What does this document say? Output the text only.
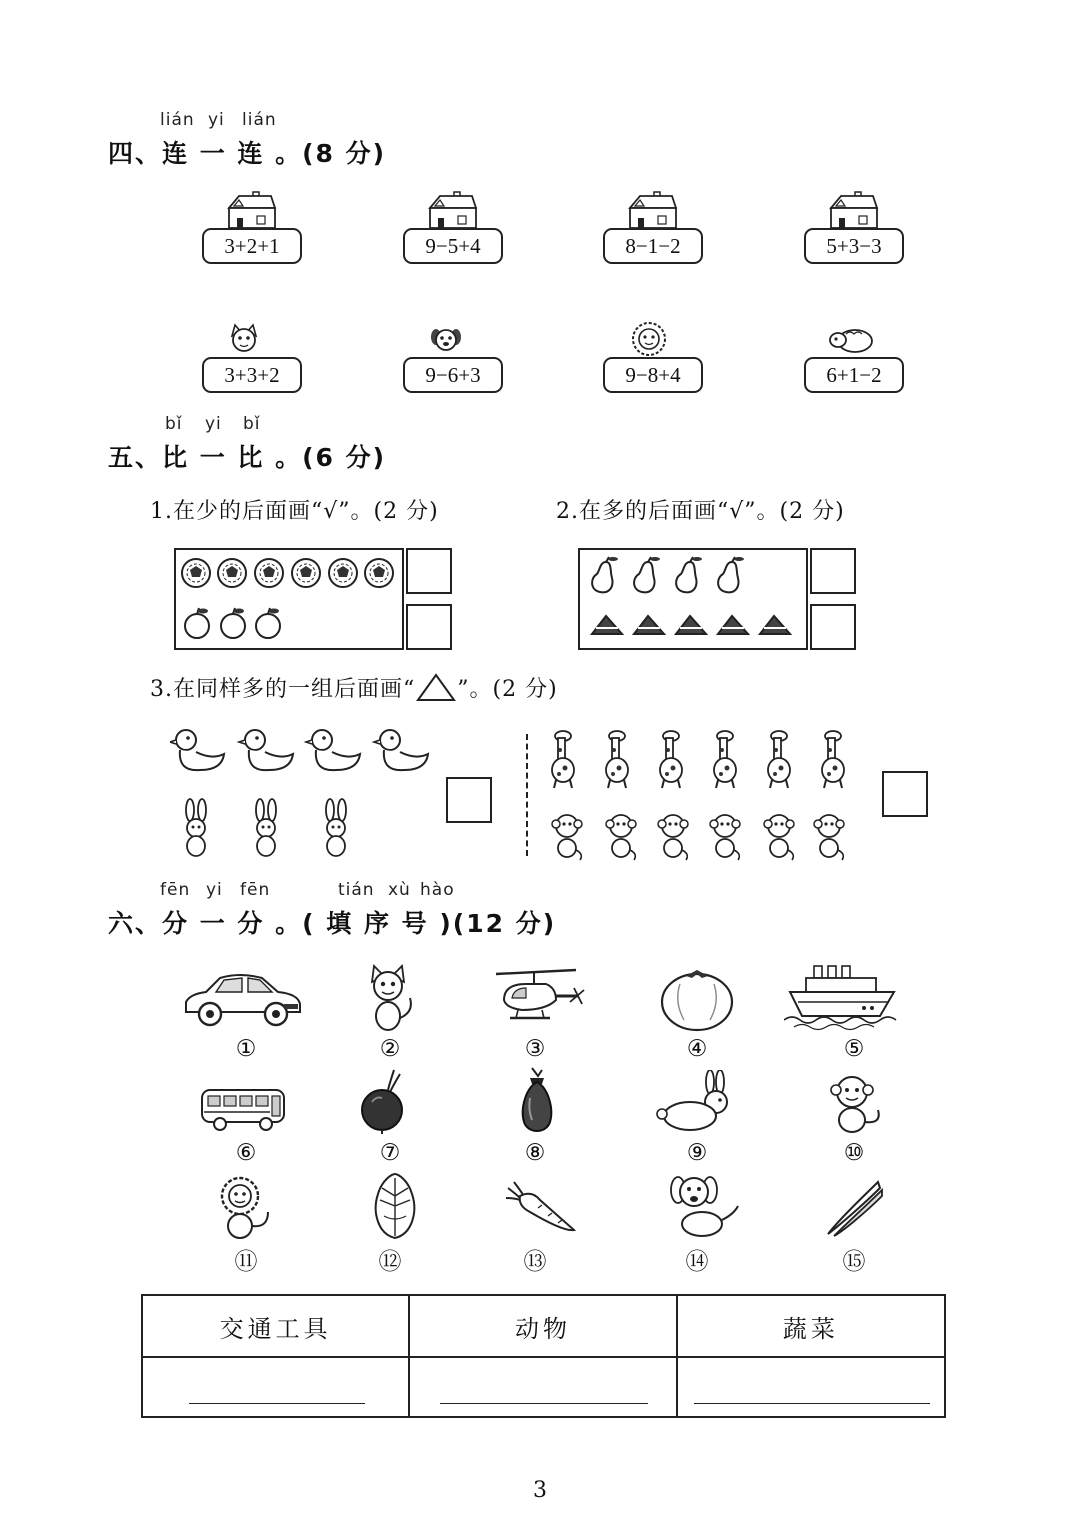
lián yi lián
四、连 一 连 。(8 分)
3+2+1	9−5+4	8−1−2	5+3−3
3+3+2	9−6+3	9−8+4	6+1−2
bǐ yi bǐ
五、比 一 比 。(6 分)
1.在少的后面画“√”。(2 分)	2.在多的后面画“√”。(2 分)
3.在同样多的一组后面画“ ”。(2 分)
fēn yi fēn	tián xù hào
六、分 一 分 。( 填 序 号 )(12 分)
①	②	③	④	⑤
⑥	⑦	⑧	⑨	⑩
⑪	⑫	⑬	⑭	⑮
交通工具	动物	蔬菜

3
